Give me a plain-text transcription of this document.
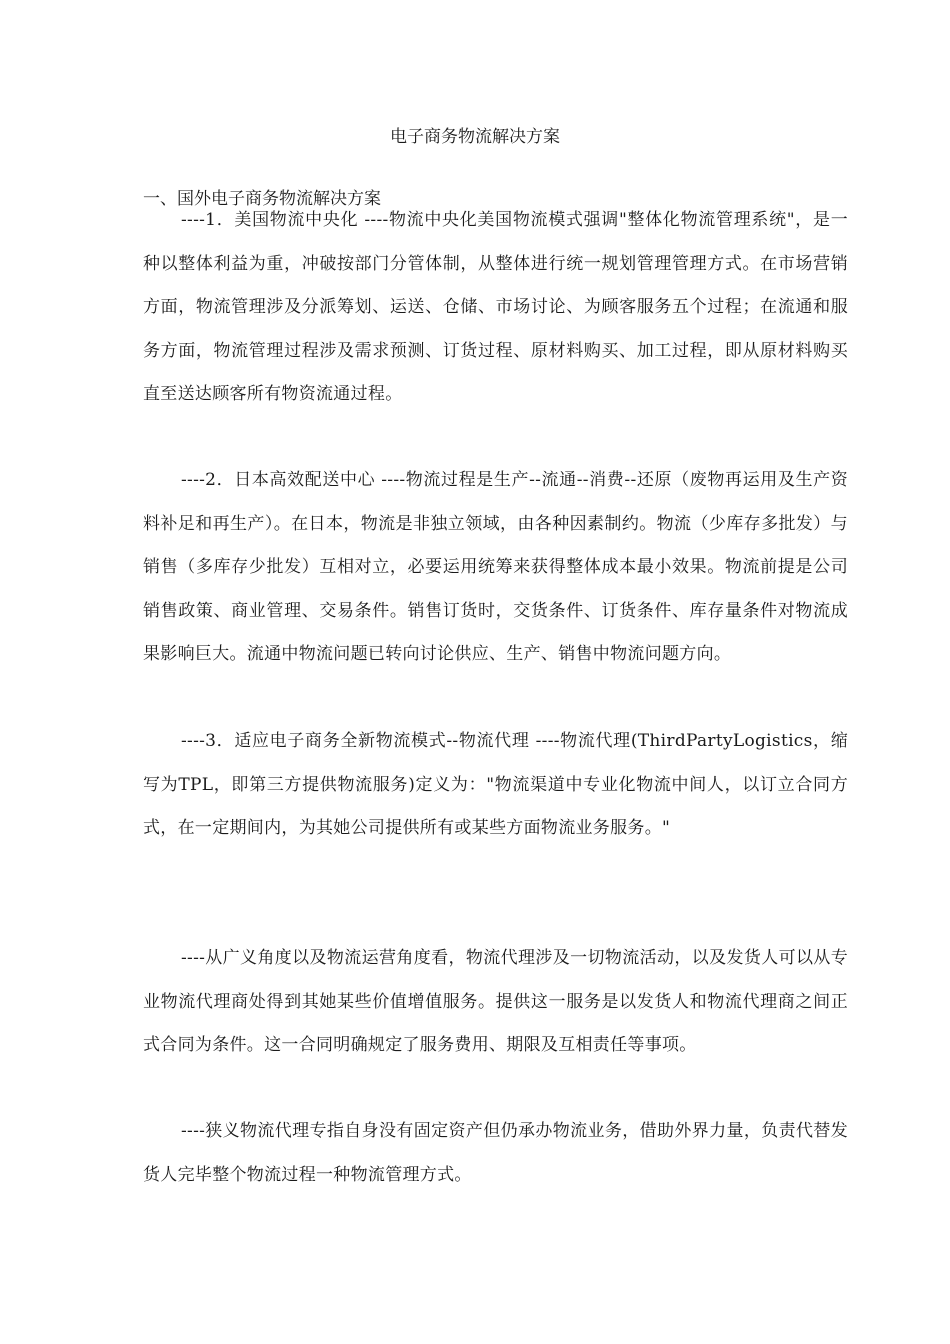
电子商务物流解决方案
一、国外电子商务物流解决方案

----1．美国物流中央化 ----物流中央化美国物流模式强调"整体化物流管理系统"，是一种以整体利益为重，冲破按部门分管体制，从整体进行统一规划管理管理方式。在市场营销方面，物流管理涉及分派筹划、运送、仓储、市场讨论、为顾客服务五个过程；在流通和服务方面，物流管理过程涉及需求预测、订货过程、原材料购买、加工过程，即从原材料购买直至送达顾客所有物资流通过程。

----2．日本高效配送中心 ----物流过程是生产--流通--消费--还原（废物再运用及生产资料补足和再生产）。在日本，物流是非独立领域，由各种因素制约。物流（少库存多批发）与销售（多库存少批发）互相对立，必要运用统筹来获得整体成本最小效果。物流前提是公司销售政策、商业管理、交易条件。销售订货时，交货条件、订货条件、库存量条件对物流成果影响巨大。流通中物流问题已转向讨论供应、生产、销售中物流问题方向。

----3．适应电子商务全新物流模式--物流代理 ----物流代理(ThirdPartyLogistics，缩写为TPL，即第三方提供物流服务)定义为："物流渠道中专业化物流中间人，以订立合同方式，在一定期间内，为其她公司提供所有或某些方面物流业务服务。"

----从广义角度以及物流运营角度看，物流代理涉及一切物流活动，以及发货人可以从专业物流代理商处得到其她某些价值增值服务。提供这一服务是以发货人和物流代理商之间正式合同为条件。这一合同明确规定了服务费用、期限及互相责任等事项。

----狭义物流代理专指自身没有固定资产但仍承办物流业务，借助外界力量，负责代替发货人完毕整个物流过程一种物流管理方式。
